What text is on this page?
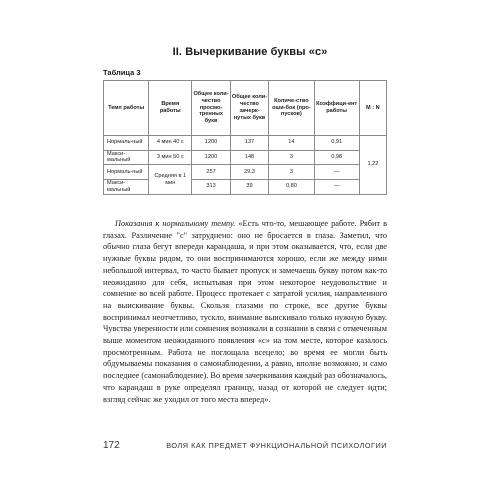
II. Вычеркивание буквы «с»
Таблица 3
Темп работы	Время работы	Общее коли-чество просмо-тренных букв	Общее коли-чество зачерк-нутых букв	Количе-ство оши-бок (про-пусков)	Коэффици-ент работы	M : N
Нормаль-ный	4 мин 40 с	1200	137	14	0,91	1,22
Макси-мальный	3 мин 50 с	1200	148	3	0,98	
Нормаль-ный	Средняя в 1 мин	257	29,3	3	—	
Макси-мальный		313	39	0,80	—	

Показания к нормальному темпу. «Есть что-то, мешающее работе. Рябит в глазах. Различение "с" затруднено: оно не бросается в глаза. Заметил, что обычно глаза бегут впереди карандаша, и при этом оказывается, что, если две нужные буквы рядом, то они воспринимаются хорошо, если же между ними небольшой интервал, то часто бывает пропуск и замечаешь букву потом как-то неожиданно для себя, испытывая при этом некоторое неудовольствие и сомнение во всей работе. Процесс протекает с затратой усилия, направленного на выискивание буквы. Скользя глазами по строке, все другие буквы воспринимал неотчетливо, тускло, внимание выискивало только нужную букву. Чувства уверенности или сомнения возникали в сознании в связи с отмеченным выше моментом неожиданного появления «с» на том месте, которое казалось просмотренным. Работа не поглощала всецело; во время ее могли быть обдумываемы показания о самонаблюдении, а равно, вполне возможно, и само последнее (самонаблюдение). Во время зачеркивания каждый раз обозначалось, что карандаш в руке определял границу, назад от которой не следует идти; взгляд сейчас же уходил от того места вперед».

172	ВОЛЯ КАК ПРЕДМЕТ ФУНКЦИОНАЛЬНОЙ ПСИХОЛОГИИ
